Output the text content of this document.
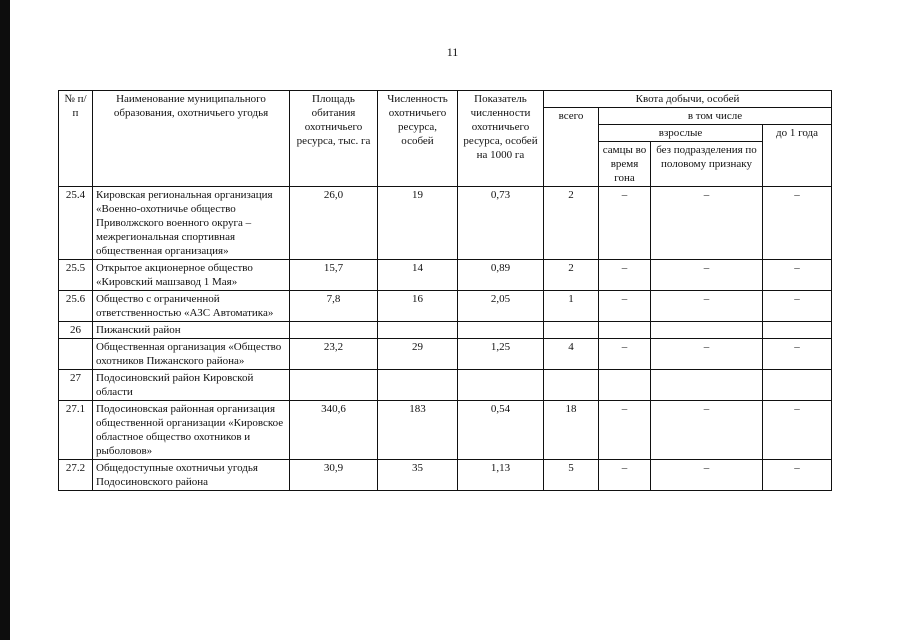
11
№ п/п	Наименование муниципального образования, охотничьего угодья	Площадь обитания охотничьего ресурса, тыс. га	Численность охотничьего ресурса, особей	Показатель численности охотничьего ресурса, особей на 1000 га	Квота добычи, особей			
					всего	в том числе		
						взрослые		до 1 года
						самцы во время гона	без подразделения по половому признаку	
25.4	Кировская региональная организация «Военно-охотничье общество Приволжского военного округа – межрегиональная спортивная общественная организация»	26,0	19	0,73	2	–	–	–
25.5	Открытое акционерное общество «Кировский машзавод 1 Мая»	15,7	14	0,89	2	–	–	–
25.6	Общество с ограниченной ответственностью «АЗС Автоматика»	7,8	16	2,05	1	–	–	–
26	Пижанский район							
	Общественная организация «Общество охотников Пижанского района»	23,2	29	1,25	4	–	–	–
27	Подосиновский район Кировской области							
27.1	Подосиновская районная организация общественной организации «Кировское областное общество охотников и рыболовов»	340,6	183	0,54	18	–	–	–
27.2	Общедоступные охотничьи угодья Подосиновского района	30,9	35	1,13	5	–	–	–
